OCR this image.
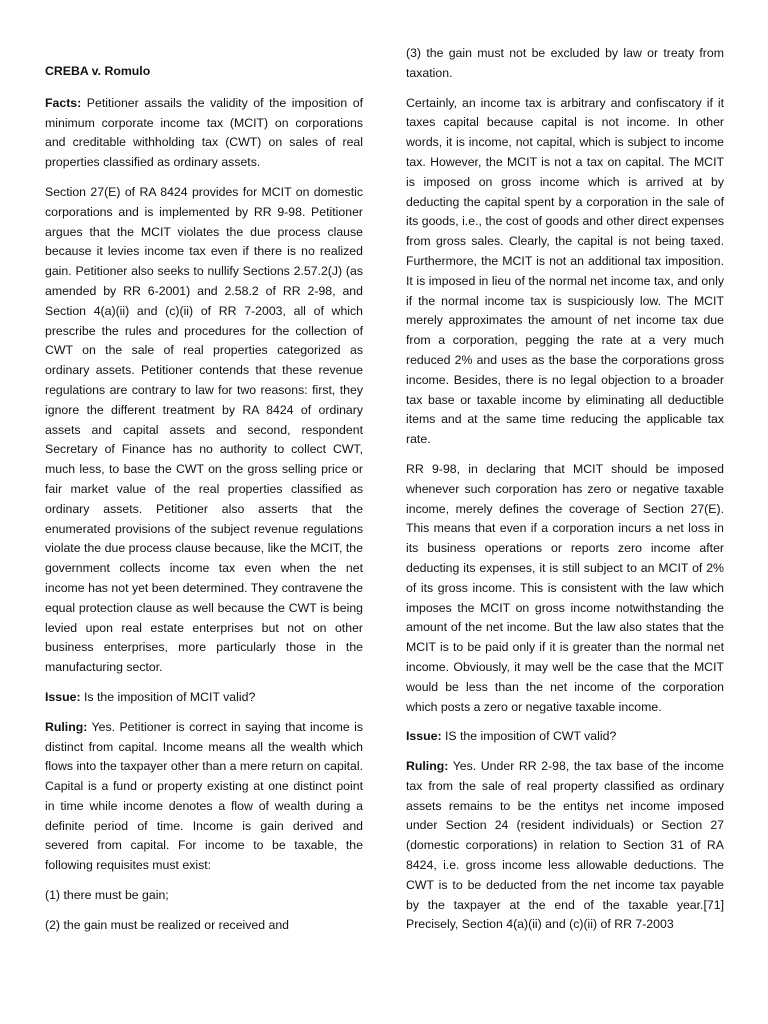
CREBA v. Romulo

Facts: Petitioner assails the validity of the imposition of minimum corporate income tax (MCIT) on corporations and creditable withholding tax (CWT) on sales of real properties classified as ordinary assets.

Section 27(E) of RA 8424 provides for MCIT on domestic corporations and is implemented by RR 9-98. Petitioner argues that the MCIT violates the due process clause because it levies income tax even if there is no realized gain. Petitioner also seeks to nullify Sections 2.57.2(J) (as amended by RR 6-2001) and 2.58.2 of RR 2-98, and Section 4(a)(ii) and (c)(ii) of RR 7-2003, all of which prescribe the rules and procedures for the collection of CWT on the sale of real properties categorized as ordinary assets. Petitioner contends that these revenue regulations are contrary to law for two reasons: first, they ignore the different treatment by RA 8424 of ordinary assets and capital assets and second, respondent Secretary of Finance has no authority to collect CWT, much less, to base the CWT on the gross selling price or fair market value of the real properties classified as ordinary assets. Petitioner also asserts that the enumerated provisions of the subject revenue regulations violate the due process clause because, like the MCIT, the government collects income tax even when the net income has not yet been determined. They contravene the equal protection clause as well because the CWT is being levied upon real estate enterprises but not on other business enterprises, more particularly those in the manufacturing sector.

Issue: Is the imposition of MCIT valid?

Ruling: Yes. Petitioner is correct in saying that income is distinct from capital. Income means all the wealth which flows into the taxpayer other than a mere return on capital. Capital is a fund or property existing at one distinct point in time while income denotes a flow of wealth during a definite period of time. Income is gain derived and severed from capital. For income to be taxable, the following requisites must exist:

(1) there must be gain;

(2) the gain must be realized or received and

(3) the gain must not be excluded by law or treaty from taxation.

Certainly, an income tax is arbitrary and confiscatory if it taxes capital because capital is not income. In other words, it is income, not capital, which is subject to income tax. However, the MCIT is not a tax on capital. The MCIT is imposed on gross income which is arrived at by deducting the capital spent by a corporation in the sale of its goods, i.e., the cost of goods and other direct expenses from gross sales. Clearly, the capital is not being taxed. Furthermore, the MCIT is not an additional tax imposition. It is imposed in lieu of the normal net income tax, and only if the normal income tax is suspiciously low. The MCIT merely approximates the amount of net income tax due from a corporation, pegging the rate at a very much reduced 2% and uses as the base the corporations gross income. Besides, there is no legal objection to a broader tax base or taxable income by eliminating all deductible items and at the same time reducing the applicable tax rate.

RR 9-98, in declaring that MCIT should be imposed whenever such corporation has zero or negative taxable income, merely defines the coverage of Section 27(E). This means that even if a corporation incurs a net loss in its business operations or reports zero income after deducting its expenses, it is still subject to an MCIT of 2% of its gross income. This is consistent with the law which imposes the MCIT on gross income notwithstanding the amount of the net income. But the law also states that the MCIT is to be paid only if it is greater than the normal net income. Obviously, it may well be the case that the MCIT would be less than the net income of the corporation which posts a zero or negative taxable income.

Issue: IS the imposition of CWT valid?

Ruling: Yes. Under RR 2-98, the tax base of the income tax from the sale of real property classified as ordinary assets remains to be the entitys net income imposed under Section 24 (resident individuals) or Section 27 (domestic corporations) in relation to Section 31 of RA 8424, i.e. gross income less allowable deductions. The CWT is to be deducted from the net income tax payable by the taxpayer at the end of the taxable year.[71] Precisely, Section 4(a)(ii) and (c)(ii) of RR 7-2003
